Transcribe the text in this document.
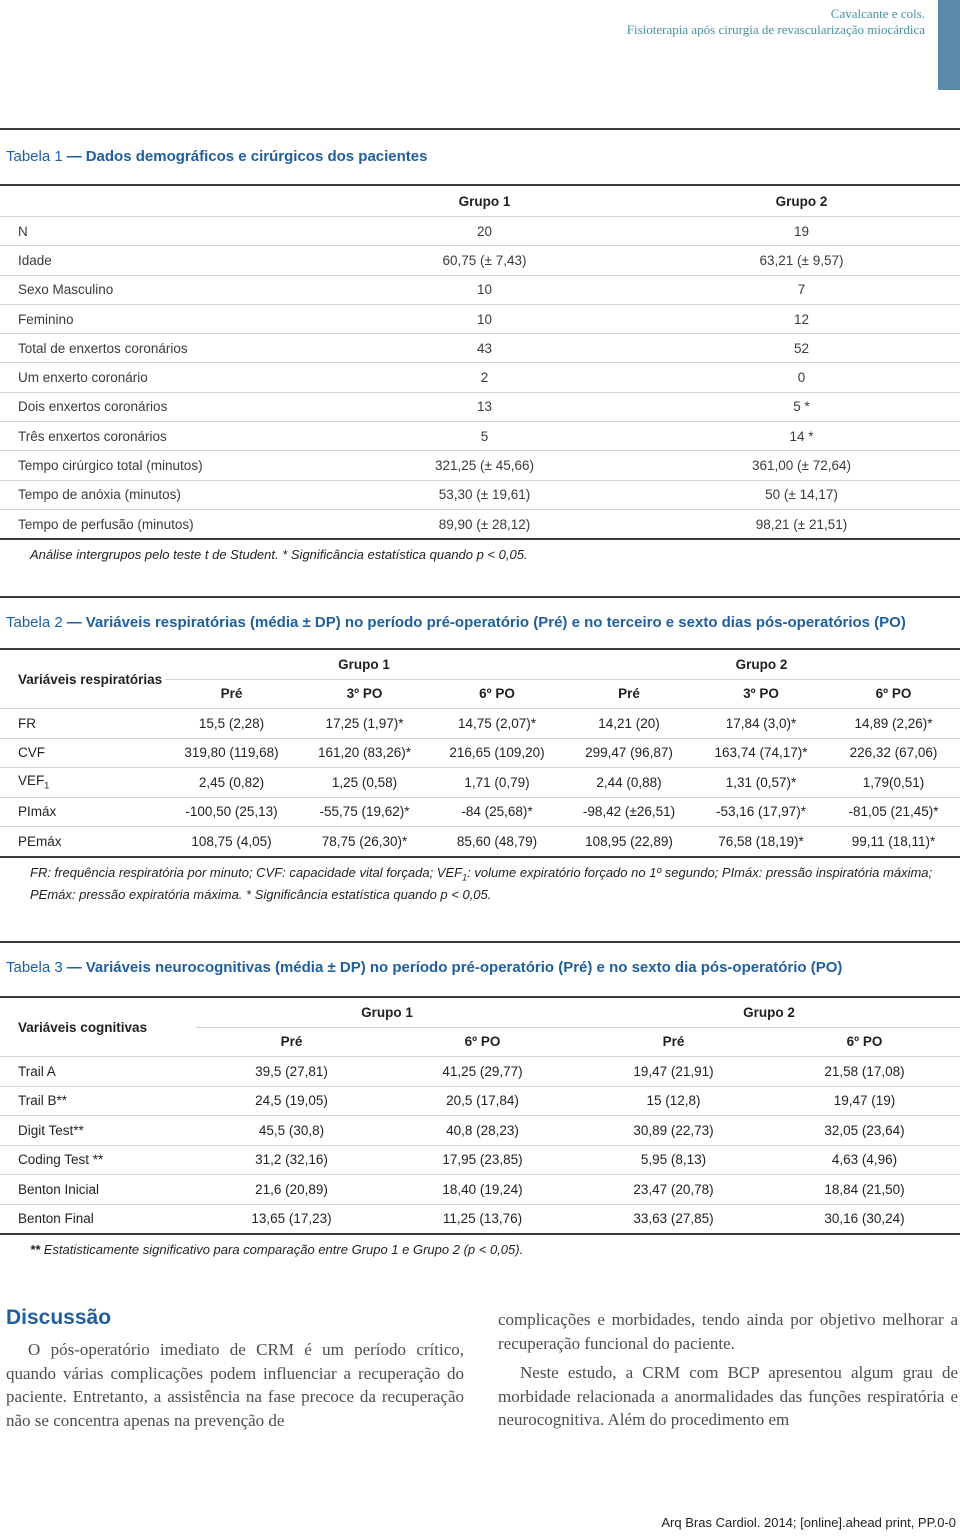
Cavalcante e cols.
Fisioterapia após cirurgia de revascularização miocárdica
Tabela 1 — Dados demográficos e cirúrgicos dos pacientes
	Grupo 1	Grupo 2
N	20	19
Idade	60,75 (± 7,43)	63,21 (± 9,57)
Sexo Masculino	10	7
Feminino	10	12
Total de enxertos coronários	43	52
Um enxerto coronário	2	0
Dois enxertos coronários	13	5 *
Três enxertos coronários	5	14 *
Tempo cirúrgico total (minutos)	321,25 (± 45,66)	361,00 (± 72,64)
Tempo de anóxia (minutos)	53,30 (± 19,61)	50 (± 14,17)
Tempo de perfusão (minutos)	89,90 (± 28,12)	98,21 (± 21,51)
Análise intergrupos pelo teste t de Student. * Significância estatística quando p < 0,05.
Tabela 2 — Variáveis respiratórias (média ± DP) no período pré-operatório (Pré) e no terceiro e sexto dias pós-operatórios (PO)
Variáveis respiratórias	Grupo 1			Grupo 2		
	Pré	3º PO	6º PO	Pré	3º PO	6º PO
FR	15,5 (2,28)	17,25 (1,97)*	14,75 (2,07)*	14,21 (20)	17,84 (3,0)*	14,89 (2,26)*
CVF	319,80 (119,68)	161,20 (83,26)*	216,65 (109,20)	299,47 (96,87)	163,74 (74,17)*	226,32 (67,06)
$VEF_1$	2,45 (0,82)	1,25 (0,58)	1,71 (0,79)	2,44 (0,88)	1,31 (0,57)*	1,79(0,51)
PImáx	-100,50 (25,13)	-55,75 (19,62)*	-84 (25,68)*	-98,42 (±26,51)	-53,16 (17,97)*	-81,05 (21,45)*
PEmáx	108,75 (4,05)	78,75 (26,30)*	85,60 (48,79)	108,95 (22,89)	76,58 (18,19)*	99,11 (18,11)*
FR: frequência respiratória por minuto; CVF: capacidade vital forçada; $VEF_1$: volume expiratório forçado no 1º segundo; PImáx: pressão inspiratória máxima;
PEmáx: pressão expiratória máxima. * Significância estatística quando p < 0,05.
Tabela 3 — Variáveis neurocognitivas (média ± DP) no período pré-operatório (Pré) e no sexto dia pós-operatório (PO)
Variáveis cognitivas	Grupo 1		Grupo 2	
	Pré	6º PO	Pré	6º PO
Trail A	39,5 (27,81)	41,25 (29,77)	19,47 (21,91)	21,58 (17,08)
Trail B**	24,5 (19,05)	20,5 (17,84)	15 (12,8)	19,47 (19)
Digit Test**	45,5 (30,8)	40,8 (28,23)	30,89 (22,73)	32,05 (23,64)
Coding Test **	31,2 (32,16)	17,95 (23,85)	5,95 (8,13)	4,63 (4,96)
Benton Inicial	21,6 (20,89)	18,40 (19,24)	23,47 (20,78)	18,84 (21,50)
Benton Final	13,65 (17,23)	11,25 (13,76)	33,63 (27,85)	30,16 (30,24)
** Estatisticamente significativo para comparação entre Grupo 1 e Grupo 2 (p < 0,05).
Discussão

O pós-operatório imediato de CRM é um período crítico, quando várias complicações podem influenciar a recuperação do paciente. Entretanto, a assistência na fase precoce da recuperação não se concentra apenas na prevenção de

complicações e morbidades, tendo ainda por objetivo melhorar a recuperação funcional do paciente.

Neste estudo, a CRM com BCP apresentou algum grau de morbidade relacionada a anormalidades das funções respiratória e neurocognitiva. Além do procedimento em

Arq Bras Cardiol. 2014; [online].ahead print, PP.0-0
